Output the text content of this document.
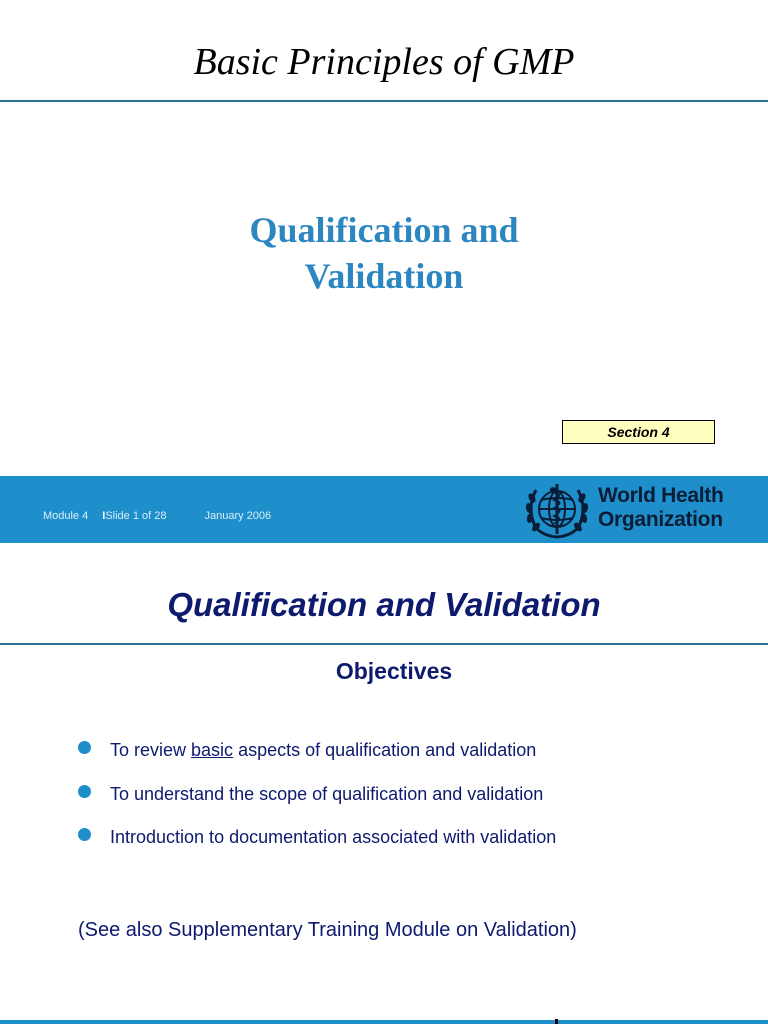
Basic Principles of GMP
Qualification and
Validation
Section 4
Module 4 ISlide 1 of 28	January 2006
World Health
Organization
Qualification and Validation
Objectives
To review basic aspects of qualification and validation
To understand the scope of qualification and validation
Introduction to documentation associated with validation
(See also Supplementary Training Module on Validation)
